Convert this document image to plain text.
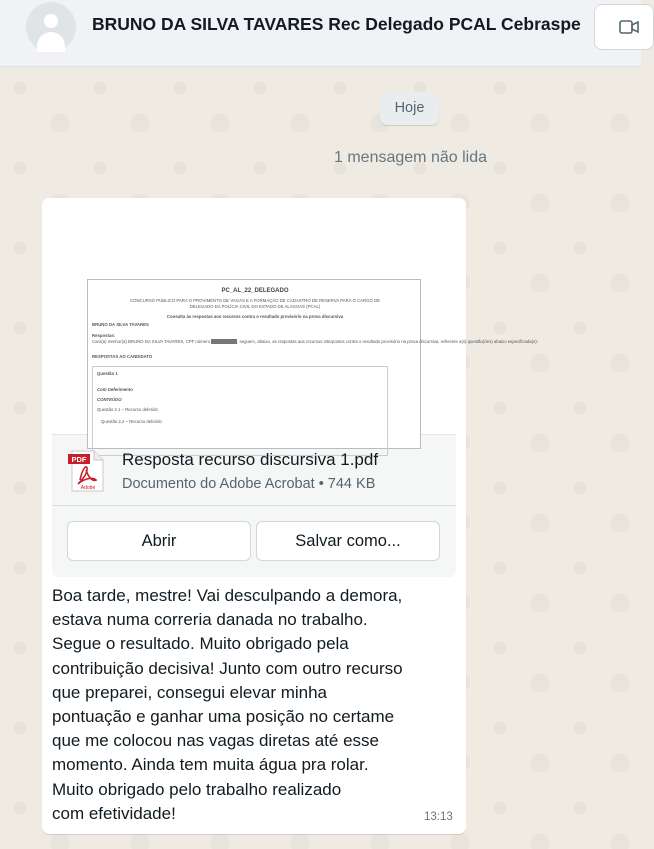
BRUNO DA SILVA TAVARES Rec Delegado PCAL Cebraspe
Hoje
1 mensagem não lida
PC_AL_22_DELEGADO
CONCURSO PÚBLICO PARA O PROVIMENTO DE VAGAS E A FORMAÇÃO DE CADASTRO DE RESERVA PARA O CARGO DE
DELEGADO DA POLÍCIA CIVIL DO ESTADO DE ALAGOAS (PCAL)
Consulta às respostas aos recursos contra o resultado provisório na prova discursiva
BRUNO DA SILVA TAVARES
Respostas:
Caro(a) Senhor(a) BRUNO DA SILVA TAVARES, CPF número	, seguem, abaixo, as respostas aos recursos interpostos contra o resultado provisório na prova discursiva, referente a(s) questão(ões) abaixo especificada(s):
RESPOSTAS AO CANDIDATO
Questão 1
Com Deferimento
CONTEÚDO
Questão 2.1 – Recurso deferido
Questão 2.2 – Recurso deferido
PDF
Adobe
Resposta recurso discursiva 1.pdf
Documento do Adobe Acrobat • 744 KB
Abrir	Salvar como...
Boa tarde, mestre! Vai desculpando a demora,
estava numa correria danada no trabalho.
Segue o resultado. Muito obrigado pela
contribuição decisiva! Junto com outro recurso
que preparei, consegui elevar minha
pontuação e ganhar uma posição no certame
que me colocou nas vagas diretas até esse
momento. Ainda tem muita água pra rolar.
Muito obrigado pelo trabalho realizado
com efetividade!	13:13
